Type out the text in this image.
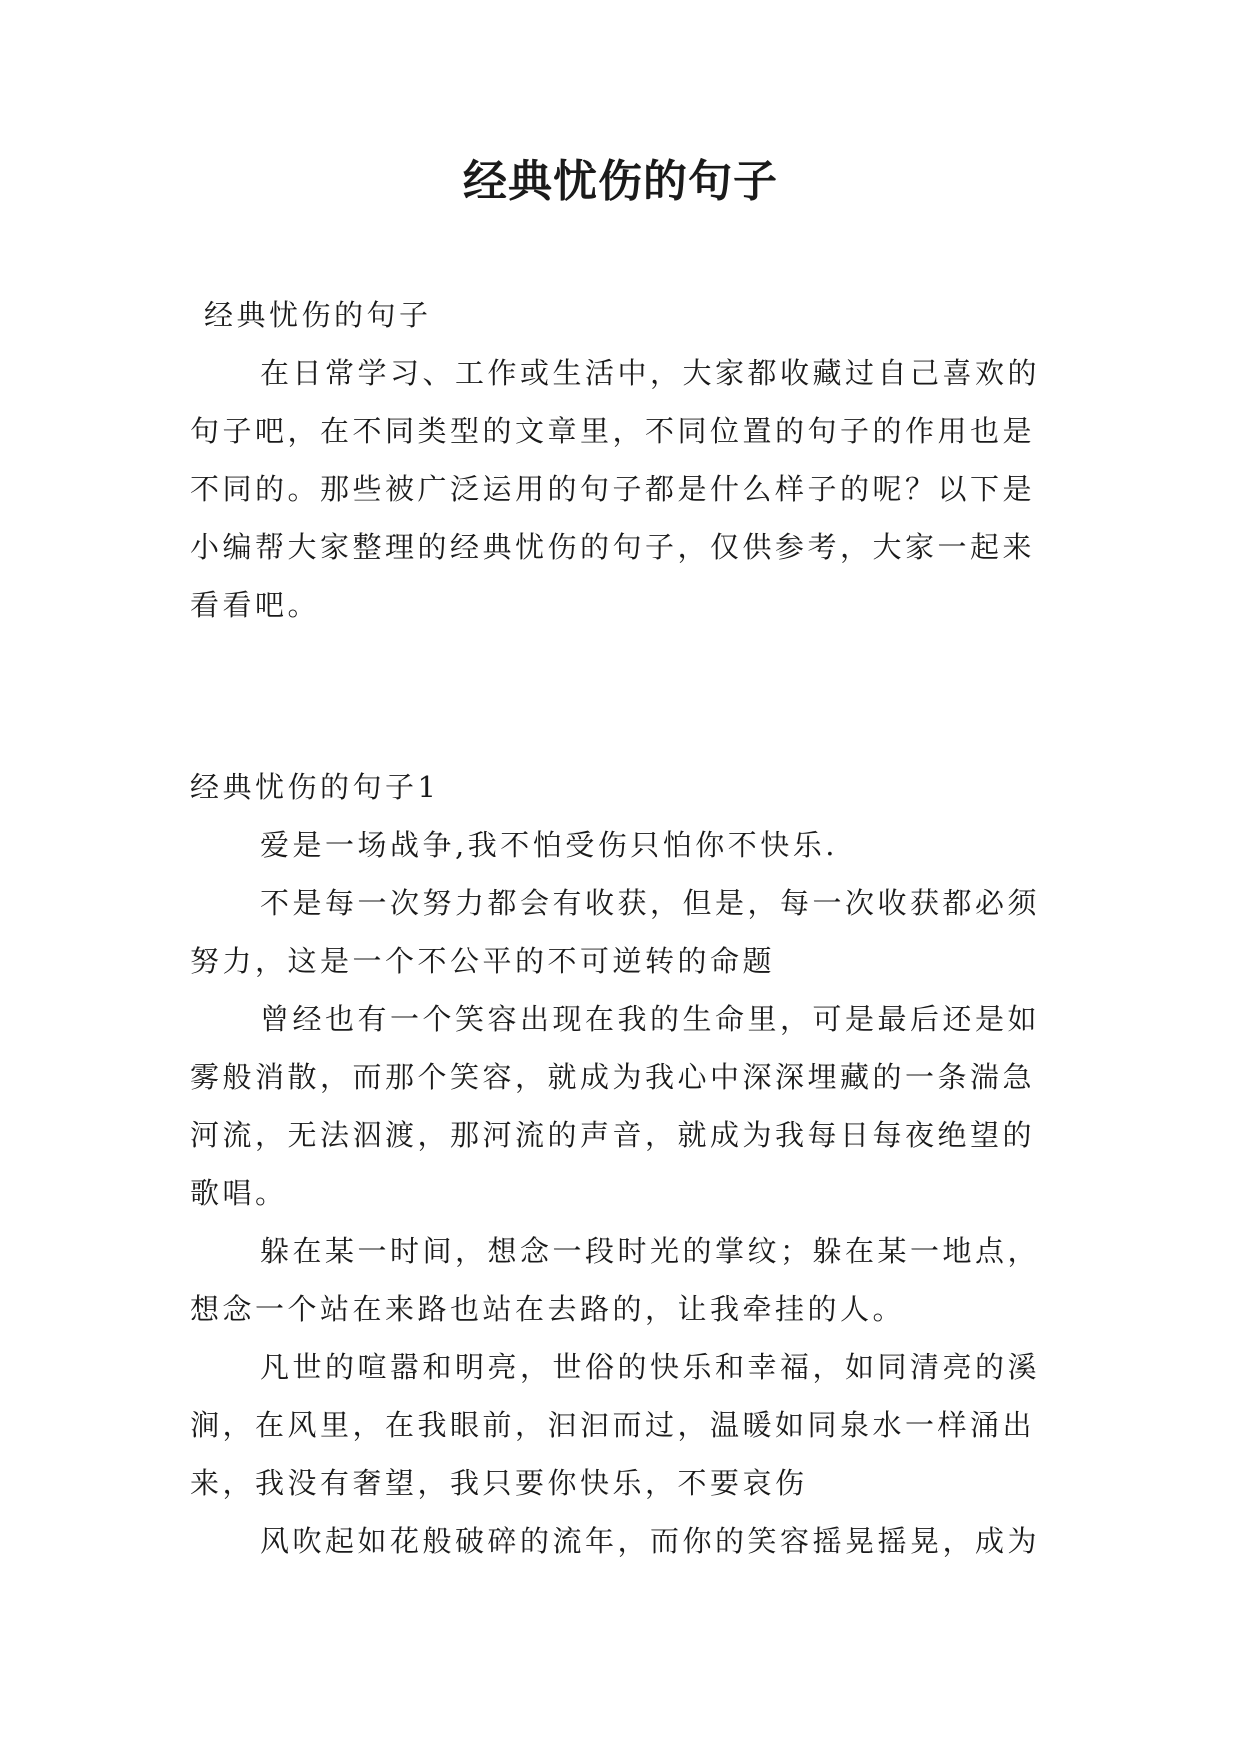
经典忧伤的句子

经典忧伤的句子

在日常学习、工作或生活中，大家都收藏过自己喜欢的句子吧，在不同类型的文章里，不同位置的句子的作用也是不同的。那些被广泛运用的句子都是什么样子的呢？以下是小编帮大家整理的经典忧伤的句子，仅供参考，大家一起来看看吧。

经典忧伤的句子1

爱是一场战争,我不怕受伤只怕你不快乐.

不是每一次努力都会有收获，但是，每一次收获都必须努力，这是一个不公平的不可逆转的命题

曾经也有一个笑容出现在我的生命里，可是最后还是如雾般消散，而那个笑容，就成为我心中深深埋藏的一条湍急河流，无法泅渡，那河流的声音，就成为我每日每夜绝望的歌唱。

躲在某一时间，想念一段时光的掌纹；躲在某一地点，想念一个站在来路也站在去路的，让我牵挂的人。

凡世的喧嚣和明亮，世俗的快乐和幸福，如同清亮的溪涧，在风里，在我眼前，汩汩而过，温暖如同泉水一样涌出来，我没有奢望，我只要你快乐，不要哀伤

风吹起如花般破碎的流年，而你的笑容摇晃摇晃，成为
